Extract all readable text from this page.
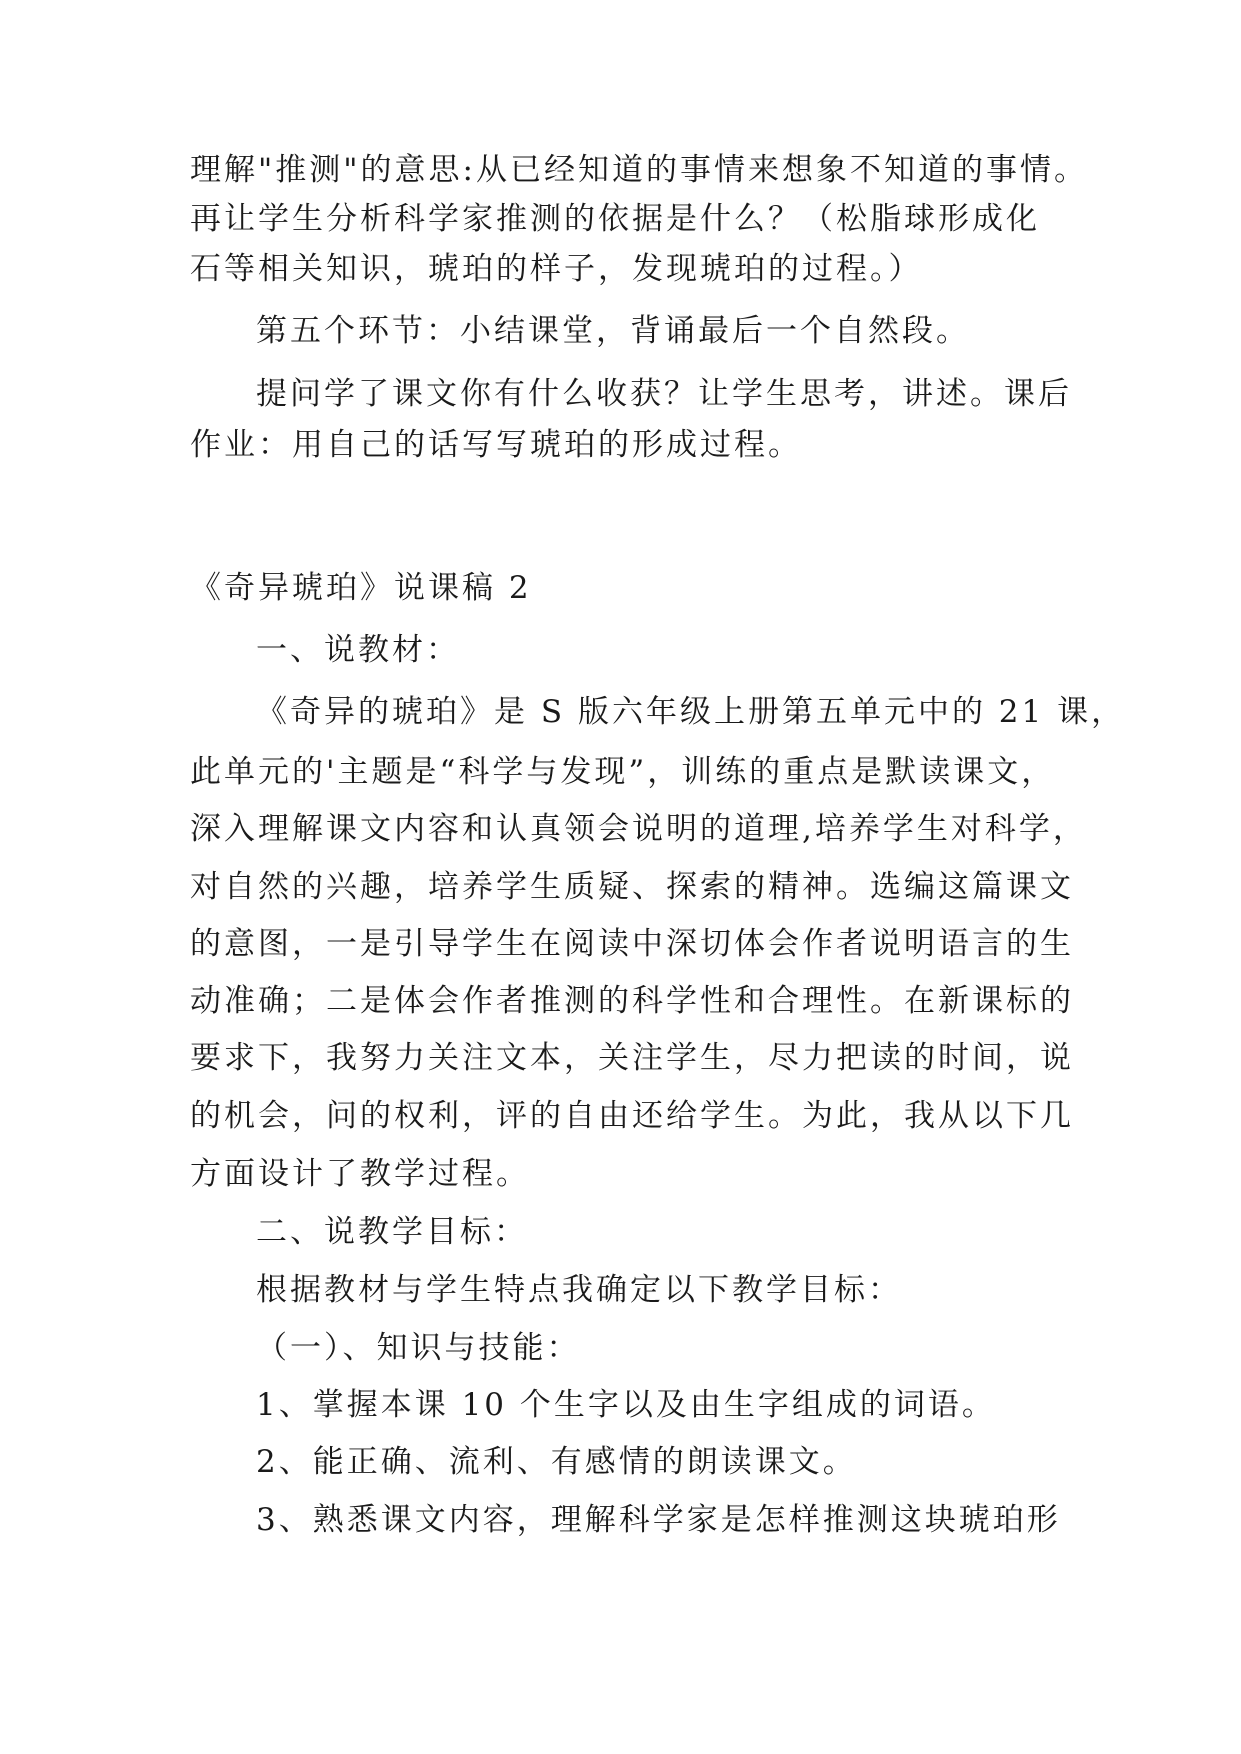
理解"推测"的意思:从已经知道的事情来想象不知道的事情。

再让学生分析科学家推测的依据是什么？（松脂球形成化

石等相关知识，琥珀的样子，发现琥珀的过程。）

第五个环节：小结课堂，背诵最后一个自然段。

提问学了课文你有什么收获？让学生思考，讲述。课后

作业：用自己的话写写琥珀的形成过程。

《奇异琥珀》说课稿 2

一、说教材：

《奇异的琥珀》是 S 版六年级上册第五单元中的 21 课，

此单元的'主题是“科学与发现”，训练的重点是默读课文，

深入理解课文内容和认真领会说明的道理,培养学生对科学，

对自然的兴趣，培养学生质疑、探索的精神。选编这篇课文

的意图，一是引导学生在阅读中深切体会作者说明语言的生

动准确；二是体会作者推测的科学性和合理性。在新课标的

要求下，我努力关注文本，关注学生，尽力把读的时间，说

的机会，问的权利，评的自由还给学生。为此，我从以下几

方面设计了教学过程。

二、说教学目标：

根据教材与学生特点我确定以下教学目标：

（一）、知识与技能：

1、掌握本课 10 个生字以及由生字组成的词语。

2、能正确、流利、有感情的朗读课文。

3、熟悉课文内容，理解科学家是怎样推测这块琥珀形
